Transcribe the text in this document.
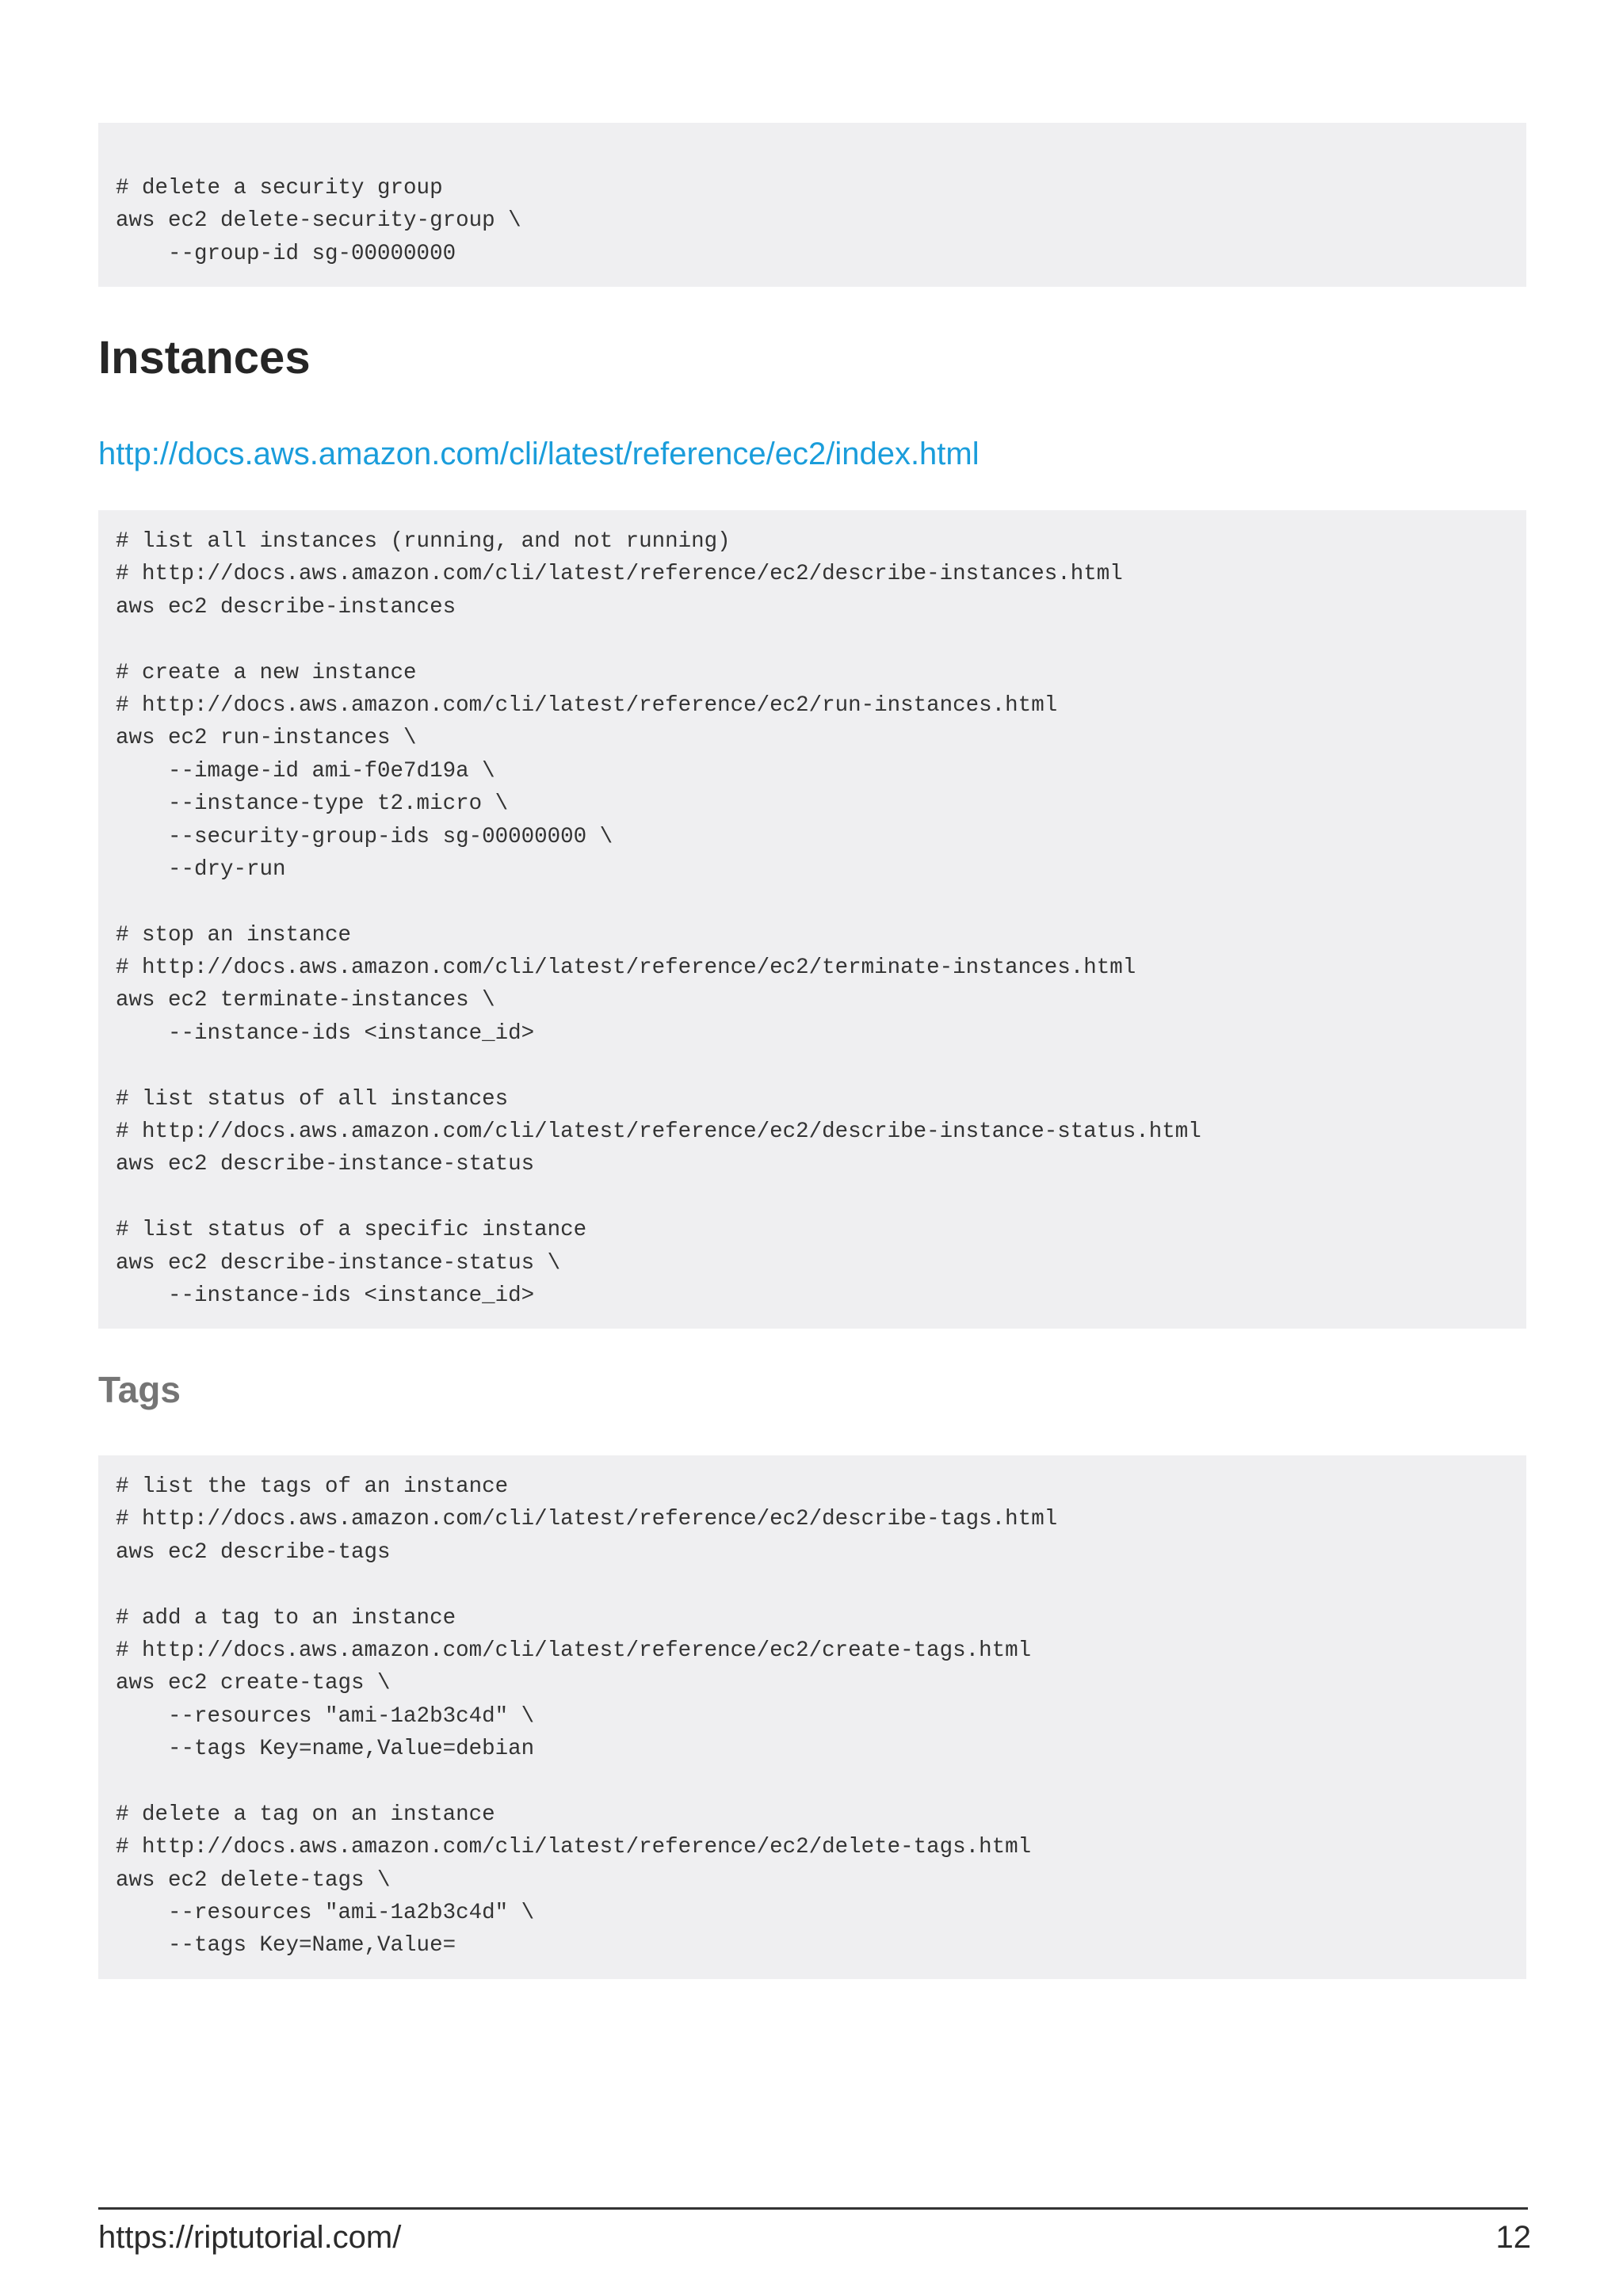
# delete a security group
aws ec2 delete-security-group \
--group-id sg-00000000
Instances
http://docs.aws.amazon.com/cli/latest/reference/ec2/index.html
# list all instances (running, and not running)
# http://docs.aws.amazon.com/cli/latest/reference/ec2/describe-instances.html
aws ec2 describe-instances
# create a new instance
# http://docs.aws.amazon.com/cli/latest/reference/ec2/run-instances.html
aws ec2 run-instances \
--image-id ami-f0e7d19a \
--instance-type t2.micro \
--security-group-ids sg-00000000 \
--dry-run
# stop an instance
# http://docs.aws.amazon.com/cli/latest/reference/ec2/terminate-instances.html
aws ec2 terminate-instances \
--instance-ids <instance_id>
# list status of all instances
# http://docs.aws.amazon.com/cli/latest/reference/ec2/describe-instance-status.html
aws ec2 describe-instance-status
# list status of a specific instance
aws ec2 describe-instance-status \
--instance-ids <instance_id>
Tags
# list the tags of an instance
# http://docs.aws.amazon.com/cli/latest/reference/ec2/describe-tags.html
aws ec2 describe-tags
# add a tag to an instance
# http://docs.aws.amazon.com/cli/latest/reference/ec2/create-tags.html
aws ec2 create-tags \
--resources "ami-1a2b3c4d" \
--tags Key=name,Value=debian
# delete a tag on an instance
# http://docs.aws.amazon.com/cli/latest/reference/ec2/delete-tags.html
aws ec2 delete-tags \
--resources "ami-1a2b3c4d" \
--tags Key=Name,Value=
https://riptutorial.com/	12
